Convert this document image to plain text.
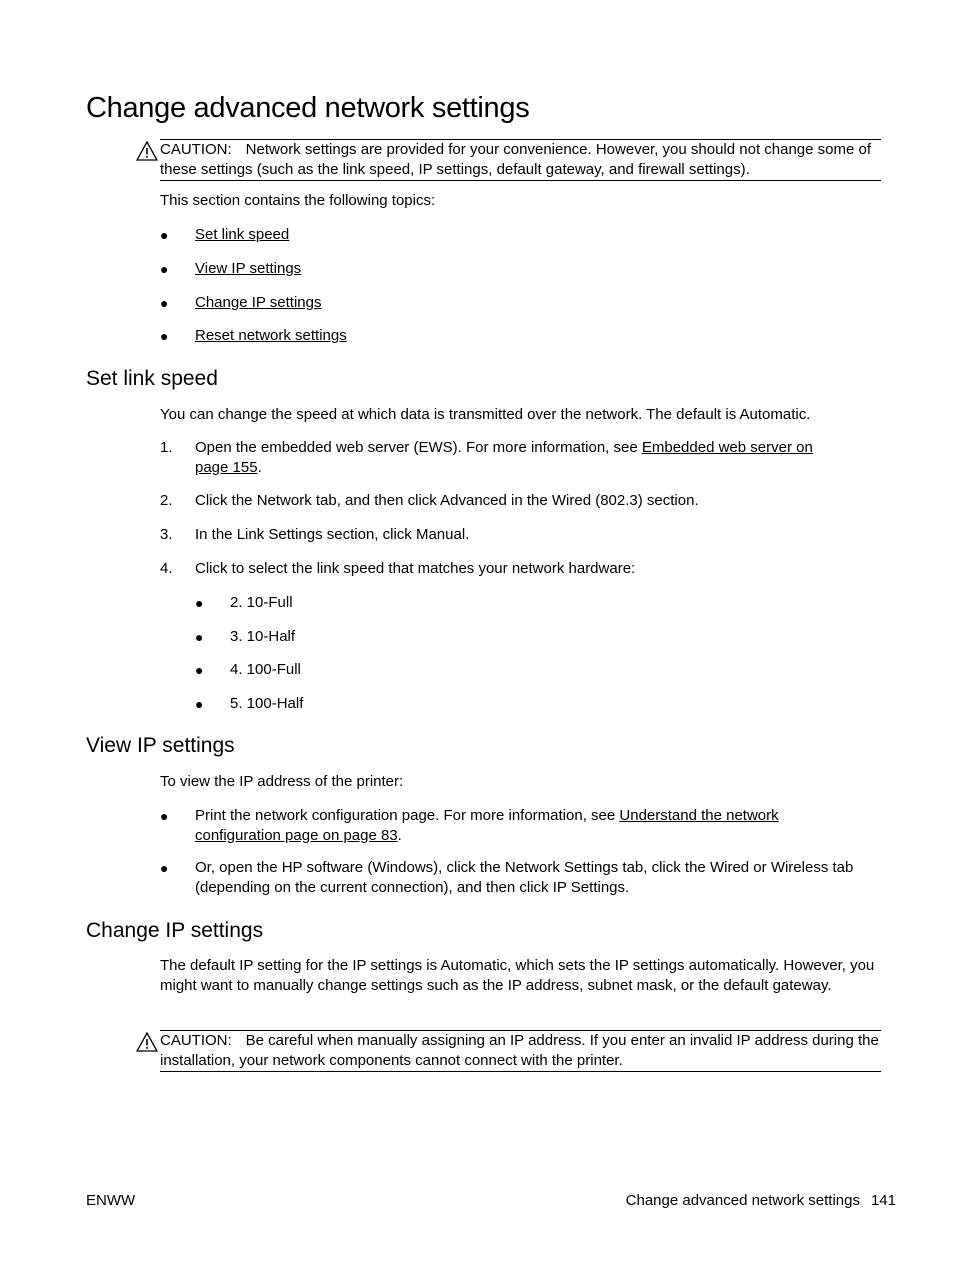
Change advanced network settings
CAUTION: Network settings are provided for your convenience. However, you should not change some of these settings (such as the link speed, IP settings, default gateway, and firewall settings).
This section contains the following topics:
● Set link speed
● View IP settings
● Change IP settings
● Reset network settings
Set link speed
You can change the speed at which data is transmitted over the network. The default is Automatic.
1. Open the embedded web server (EWS). For more information, see Embedded web server on page 155.
2. Click the Network tab, and then click Advanced in the Wired (802.3) section.
3. In the Link Settings section, click Manual.
4. Click to select the link speed that matches your network hardware:
● 2. 10-Full
● 3. 10-Half
● 4. 100-Full
● 5. 100-Half
View IP settings
To view the IP address of the printer:
● Print the network configuration page. For more information, see Understand the network configuration page on page 83.
● Or, open the HP software (Windows), click the Network Settings tab, click the Wired or Wireless tab (depending on the current connection), and then click IP Settings.
Change IP settings
The default IP setting for the IP settings is Automatic, which sets the IP settings automatically. However, you might want to manually change settings such as the IP address, subnet mask, or the default gateway.
CAUTION: Be careful when manually assigning an IP address. If you enter an invalid IP address during the installation, your network components cannot connect with the printer.
ENWW	Change advanced network settings 141
